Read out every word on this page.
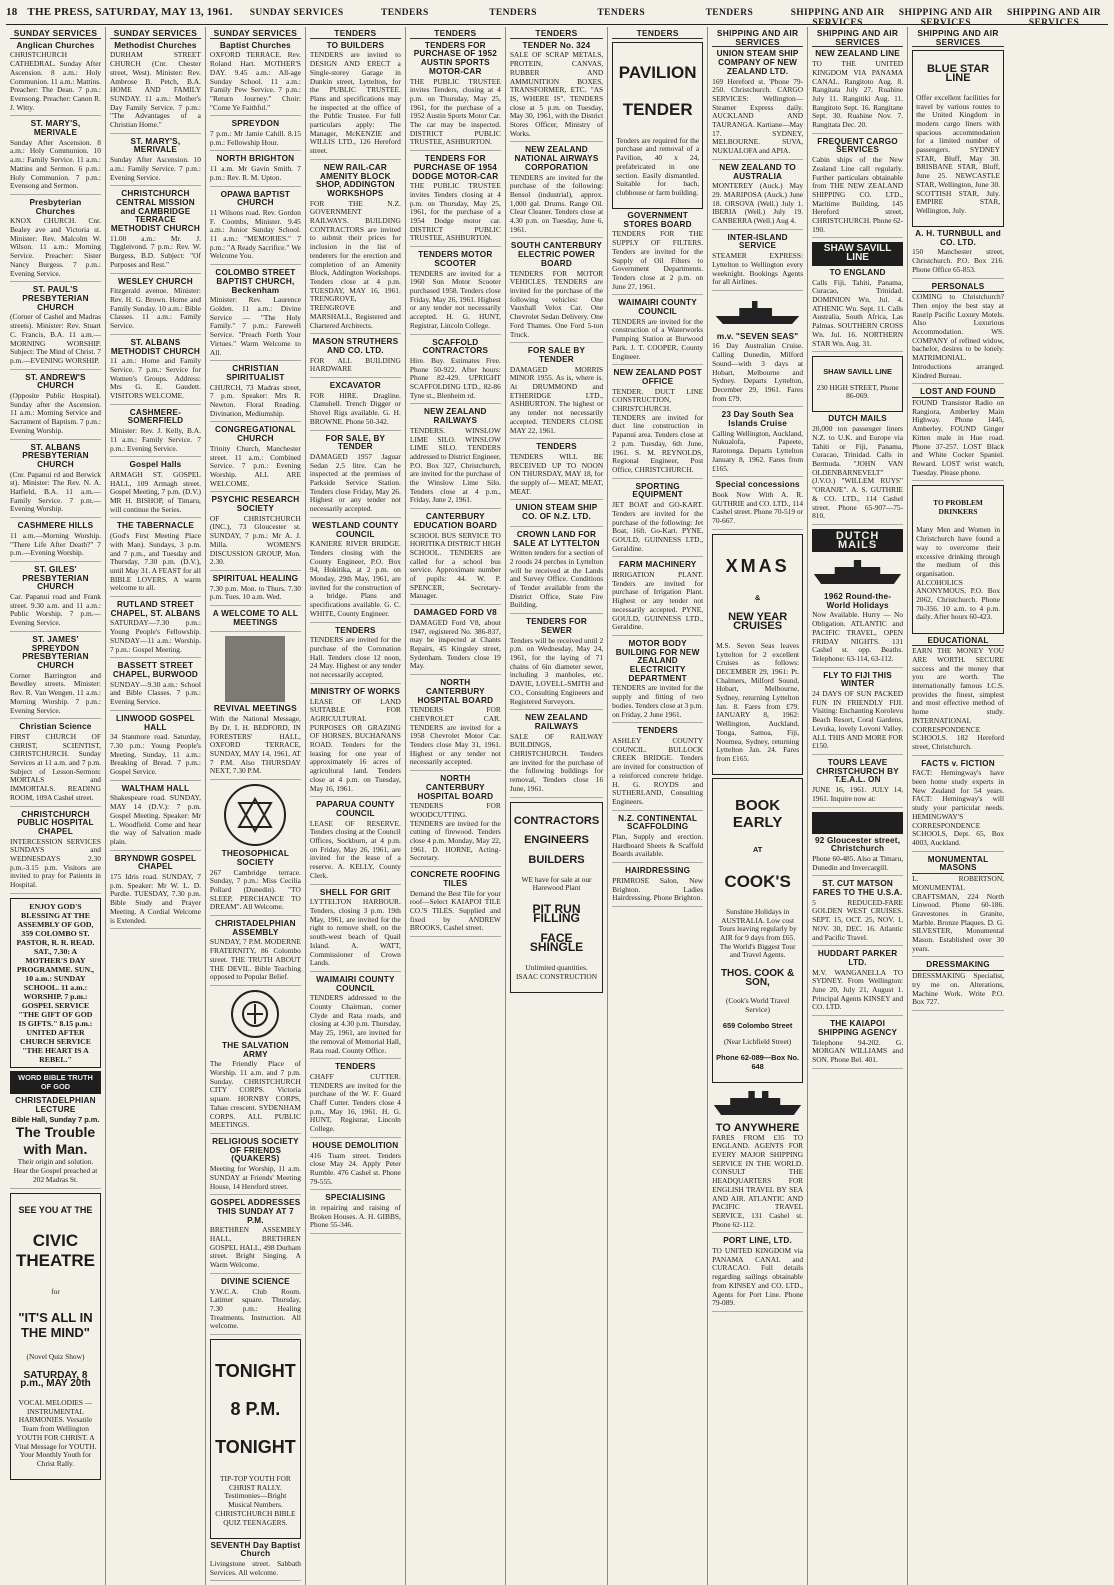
18 THE PRESS, SATURDAY, MAY 13, 1961.	SUNDAY SERVICES	TENDERS	TENDERS	TENDERS	TENDERS	SHIPPING AND AIR SERVICES
SHIPPING AND AIR SERVICES
SHIPPING AND AIR SERVICES
SUNDAY SERVICES
Anglican Churches

CHRISTCHURCH CATHEDRAL. Sunday After Ascension. 8 a.m.: Holy Communion. 11 a.m.: Mattins. Preacher: The Dean. 7 p.m.: Evensong. Preacher: Canon R. J. Witty.

ST. MARY'S, MERIVALE

Sunday After Ascension. 8 a.m.: Holy Communion. 10 a.m.: Family Service. 11 a.m.: Mattins and Sermon. 6 p.m.: Holy Communion. 7 p.m.: Evensong and Sermon.

Presbyterian Churches

KNOX CHURCH. Cnr. Bealey ave and Victoria st. Minister: Rev. Malcolm W. Wilson. 11 a.m.: Morning Service. Preacher: Sister Nancy Burgess. 7 p.m.: Evening Service.

ST. PAUL'S PRESBYTERIAN CHURCH

(Corner of Cashel and Madras streets). Minister: Rev. Stuart C. Francis, B.A. 11 a.m.—MORNING WORSHIP. Subject: The Mind of Christ. 7 p.m.—EVENING WORSHIP.

ST. ANDREW'S CHURCH

(Opposite Public Hospital). Sunday after the Ascension. 11 a.m.: Morning Service and Sacrament of Baptism. 7 p.m.: Evening Worship.

ST. ALBANS PRESBYTERIAN CHURCH

(Cnr. Papanui rd and Berwick st). Minister: The Rev. N. A. Hatfield, B.A. 11 a.m.—Family Service. 7 p.m.—Evening Worship.

CASHMERE HILLS

11 a.m.—Morning Worship. "There Life After Death?" 7 p.m.—Evening Worship.

ST. GILES' PRESBYTERIAN CHURCH

Car. Papanui road and Frank street. 9.30 a.m. and 11 a.m.: Public Worship. 7 p.m.—Evening Service.

ST. JAMES' SPREYDON PRESBYTERIAN CHURCH

Corner Barrington and Bewdley streets. Minister: Rev. R. Van Wengen. 11 a.m.: Morning Worship. 7 p.m.: Evening Service.

Christian Science

FIRST CHURCH OF CHRIST, SCIENTIST, CHRISTCHURCH. Sunday Services at 11 a.m. and 7 p.m. Subject of Lesson-Sermon: MORTALS and IMMORTALS. READING ROOM, 109A Cashel street.

CHRISTCHURCH PUBLIC HOSPITAL CHAPEL

INTERCESSION SERVICES SUNDAYS and WEDNESDAYS 2.30 p.m.-3.15 p.m. Visitors are invited to pray for Patients in Hospital.

ENJOY GOD'S BLESSING AT THE ASSEMBLY OF GOD, 359 COLOMBO ST. PASTOR, R. R. READ. SAT., 7.30: A MOTHER'S DAY PROGRAMME. SUN., 10 a.m.: SUNDAY SCHOOL. 11 a.m.: WORSHIP. 7 p.m.: GOSPEL SERVICE "THE GIFT OF GOD IS GIFTS." 8.15 p.m.: UNITED AFTER CHURCH SERVICE "THE HEART IS A REBEL."

WORD BIBLE TRUTH OF GOD
CHRISTADELPHIAN LECTURE

Bible Hall, Sunday 7 p.m.

The Trouble with Man.

Their origin and solution. Hear the Gospel preached at 202 Madras St.

SEE YOU AT THE

CIVIC THEATRE

for

"IT'S ALL IN THE MIND"

(Novel Quiz Show)

SATURDAY, 8 p.m., MAY 20th

VOCAL MELODIES — INSTRUMENTAL HARMONIES. Versatile Team from Wellington YOUTH FOR CHRIST. A Vital Message for YOUTH. Your Monthly Youth for Christ Rally.

SUNDAY SERVICES
Methodist Churches

DURHAM STREET CHURCH (Cnr. Chester street, West). Minister: Rev. Ambrose B. Petch, B.A. HOME AND FAMILY SUNDAY. 11 a.m.: Mother's Day Family Service. 7 p.m.: "The Advantages of a Christian Home."

ST. MARY'S, MERIVALE

Sunday After Ascension. 10 a.m.: Family Service. 7 p.m.: Evening Service.

CHRISTCHURCH CENTRAL MISSION and CAMBRIDGE TERRACE METHODIST CHURCH

11.00 a.m.: Mr. J. Tiggleivond. 7 p.m.: Rev. W. Burgess, B.D. Subject: "Of Purposes and Rest."

WESLEY CHURCH

Fitzgerald avenue. Minister: Rev. H. G. Brown. Home and Family Sunday. 10 a.m.: Bible Classes. 11 a.m.: Family Service.

ST. ALBANS METHODIST CHURCH

11 a.m.: Home and Family Service. 7 p.m.: Service for Women's Groups. Address: Mrs G. E. Gaudett. VISITORS WELCOME.

CASHMERE-SOMERFIELD

Minister: Rev. J. Kelly, B.A. 11 a.m.: Family Service. 7 p.m.: Evening Service.

Gospel Halls

ARMAGH ST. GOSPEL HALL, 109 Armagh street. Gospel Meeting, 7 p.m. (D.V.) MR H. BISHOP, of Timaru, will continue the Series.

THE TABERNACLE

(God's First Meeting Place with Man). Sundays, 3 p.m. and 7 p.m., and Tuesday and Thursday, 7.30 p.m. (D.V.), until May 31. A FEAST for all BIBLE LOVERS. A warm welcome to all.

RUTLAND STREET CHAPEL, ST. ALBANS

SATURDAY—7.30 p.m.: Young People's Fellowship. SUNDAY—11 a.m.: Worship. 7 p.m.: Gospel Meeting.

BASSETT STREET CHAPEL, BURWOOD

SUNDAY—9.30 a.m.: School and Bible Classes. 7 p.m.: Evening Service.

LINWOOD GOSPEL HALL

34 Stanmore road. Saturday, 7.30 p.m.: Young People's Meeting. Sunday, 11 a.m.: Breaking of Bread. 7 p.m.: Gospel Service.

WALTHAM HALL

Shakespeare road. SUNDAY, MAY 14 (D.V.): 7 p.m. Gospel Meeting. Speaker: Mr L. Woodfield. Come and hear the way of Salvation made plain.

BRYNDWR GOSPEL CHAPEL

175 Idris road. SUNDAY, 7 p.m. Speaker: Mr W. L. D. Purdie. TUESDAY, 7.30 p.m. Bible Study and Prayer Meeting. A Cordial Welcome is Extended.

SUNDAY SERVICES
Baptist Churches

OXFORD TERRACE. Rev. Roland Hart. MOTHER'S DAY. 9.45 a.m.: All-age Sunday School. 11 a.m.: Family Pew Service. 7 p.m.: "Return Journey." Choir: "Come Ye Faithful."

SPREYDON

7 p.m.: Mr Jamie Cahill. 8.15 p.m.: Fellowship Hour.

NORTH BRIGHTON

11 a.m. Mr Gavin Smith. 7 p.m.: Rev. R. M. Upton.

OPAWA BAPTIST CHURCH

11 Wilsons road. Rev. Gordon F. Coombs, Minister. 9.45 a.m.: Junior Sunday School. 11 a.m.: "MEMORIES." 7 p.m.: "A Ready Sacrifice." We Welcome You.

COLOMBO STREET BAPTIST CHURCH, Beckenham

Minister: Rev. Laurence Golden. 11 a.m.: Divine Service — "The Holy Family." 7 p.m.: Farewell Service. "Preach Forth Your Virtues." Warm Welcome to All.

CHRISTIAN SPIRITUALIST

CHURCH, 73 Madras street, 7 p.m. Speaker: Mrs R. Newton. Floral Reading. Divination, Mediumship.

CONGREGATIONAL CHURCH

Trinity Church, Manchester street. 11 a.m.: Combined Service. 7 p.m.: Evening Worship. ALL ARE WELCOME.

PSYCHIC RESEARCH SOCIETY

OF CHRISTCHURCH (INC.), 73 Gloucester st. SUNDAY, 7 p.m.: Mr A. J. Milla. WOMEN'S DISCUSSION GROUP, Mon. 2.30.

SPIRITUAL HEALING

7.30 p.m. Mon. to Thurs. 7.30 p.m. Tues. 10 a.m. Wed.

A WELCOME TO ALL MEETINGS

REVIVAL MEETINGS

With the National Message, By Dr. I. H. BEDFORD, IN FORESTERS' HALL, OXFORD TERRACE, SUNDAY, MAY 14, 1961, AT 7 P.M. Also THURSDAY NEXT, 7.30 P.M.

THEOSOPHICAL SOCIETY

267 Cambridge terrace. Sunday, 7 p.m.: Miss Cecilia Pollard (Dunedin). "TO SLEEP, PERCHANCE TO DREAM". All Welcome.

CHRISTADELPHIAN ASSEMBLY

SUNDAY, 7 P.M. MODERNE FRATERNITY, 86 Colombo street. THE TRUTH ABOUT THE DEVIL. Bible Teaching opposed to Popular Belief.

THE SALVATION ARMY

The Friendly Place of Worship. 11 a.m. and 7 p.m. Sunday. CHRISTCHURCH CITY CORPS. Victoria square. HORNBY CORPS, Tahau crescent. SYDENHAM CORPS. ALL PUBLIC MEETINGS.

RELIGIOUS SOCIETY OF FRIENDS (QUAKERS)

Meeting for Worship, 11 a.m. SUNDAY at Friends' Meeting House, 14 Hereford street.

GOSPEL ADDRESSES THIS SUNDAY AT 7 P.M.

BRETHREN ASSEMBLY HALL, BRETHREN GOSPEL HALL, 498 Durham street. Bright Singing. A Warm Welcome.

DIVINE SCIENCE

Y.W.C.A. Club Room. Latimer square. Thursday, 7.30 p.m.: Healing Treatments. Instruction. All welcome.

TONIGHT

8 P.M.

TONIGHT

TIP-TOP YOUTH FOR CHRIST RALLY. Testimonies—Bright Musical Numbers. CHRISTCHURCH BIBLE QUIZ TEENAGERS.

SEVENTH Day Baptist Church

Livingstone street. Sabbath Services. All welcome.

TENDERS
TO BUILDERS

TENDERS are invited to DESIGN AND ERECT a Single-storey Garage in Dunkin street, Lyttelton, for the PUBLIC TRUSTEE. Plans and specifications may be inspected at the office of the Public Trustee. For full particulars apply: The Manager, McKENZIE and WILLIS LTD., 126 Hereford street.

NEW RAIL-CAR AMENITY BLOCK SHOP, ADDINGTON WORKSHOPS

FOR THE N.Z. GOVERNMENT RAILWAYS. BUILDING CONTRACTORS are invited to submit their prices for inclusion in the list of tenderers for the erection and completion of an Amenity Block, Addington Workshops. Tenders close at 4 p.m. TUESDAY, MAY 16, 1961. TRENGROVE, TRENGROVE and MARSHALL, Registered and Chartered Architects.

MASON STRUTHERS AND CO. LTD.

FOR ALL BUILDING HARDWARE

EXCAVATOR

FOR HIRE. Dragline. Clamshell. Trench Digger or Shovel Rigs available. G. H. BROWNE. Phone 50-342.

FOR SALE, BY TENDER

DAMAGED 1957 Jaguar Sedan 2.5 litre. Can be inspected at the premises of Parkside Service Station. Tenders close Friday, May 26. Highest or any tender not necessarily accepted.

WESTLAND COUNTY COUNCIL

KANIERE RIVER BRIDGE. Tenders closing with the County Engineer, P.O. Box 94, Hokitika, at 2 p.m. on Monday, 29th May, 1961, are invited for the construction of a bridge. Plans and specifications available. G. C. WHITE, County Engineer.

TENDERS

TENDERS are invited for the purchase of the Coronation Hall. Tenders close 12 noon, 24 May. Highest or any tender not necessarily accepted.

MINISTRY OF WORKS

LEASE OF LAND SUITABLE FOR AGRICULTURAL PURPOSES OR GRAZING OF HORSES, BUCHANANS ROAD. Tenders for the leasing for one year of approximately 16 acres of agricultural land. Tenders close at 4 p.m. on Tuesday, May 16, 1961.

PAPARUA COUNTY COUNCIL

LEASE OF RESERVE. Tenders closing at the Council Offices, Sockburn, at 4 p.m. on Friday, May 26, 1961, are invited for the lease of a reserve. A. KELLY, County Clerk.

SHELL FOR GRIT

LYTTELTON HARBOUR. Tenders, closing 3 p.m. 19th May, 1961, are invited for the right to remove shell, on the south-west beach of Quail Island. A. WATT, Commissioner of Crown Lands.

WAIMAIRI COUNTY COUNCIL

TENDERS addressed to the County Chairman, corner Clyde and Rata roads, and closing at 4.30 p.m. Thursday, May 25, 1961, are invited for the removal of Memorial Hall, Rata road. County Office.

TENDERS

CHAFF CUTTER. TENDERS are invited for the purchase of the W. F. Guard Chaff Cutter. Tenders close 4 p.m., May 16, 1961. H. G. HUNT, Registrar, Lincoln College.

HOUSE DEMOLITION

416 Tuam street. Tenders close May 24. Apply Peter Rumble. 476 Cashel st. Phone 79-555.

SPECIALISING

in repairing and raising of Broken Houses. A. H. GIBBS, Phone 55-346.

TENDERS
TENDERS FOR PURCHASE OF 1952 AUSTIN SPORTS MOTOR-CAR

THE PUBLIC TRUSTEE invites Tenders, closing at 4 p.m. on Thursday, May 25, 1961, for the purchase of a 1952 Austin Sports Motor Car. The car may be inspected. DISTRICT PUBLIC TRUSTEE, ASHBURTON.

TENDERS FOR PURCHASE OF 1954 DODGE MOTOR-CAR

THE PUBLIC TRUSTEE invites Tenders closing at 4 p.m. on Thursday, May 25, 1961, for the purchase of a 1954 Dodge motor car. DISTRICT PUBLIC TRUSTEE, ASHBURTON.

TENDERS MOTOR SCOOTER

TENDERS are invited for a 1960 Sun Motor Scooter purchased 1958. Tenders close Friday, May 26, 1961. Highest or any tender not necessarily accepted. H. G. HUNT, Registrar, Lincoln College.

SCAFFOLD CONTRACTORS

Hire. Buy. Estimates Free. Phone 50-922. After hours: Phone 82-429. UPRIGHT SCAFFOLDING LTD., 82-86 Tyne st., Blenheim rd.

NEW ZEALAND RAILWAYS

TENDERS. WINSLOW LIME SILO. WINSLOW LIME SILO. TENDERS addressed to District Engineer, P.O. Box 327, Christchurch, are invited for the purchase of the Winslow Lime Silo. Tenders close at 4 p.m., Friday, June 2, 1961.

CANTERBURY EDUCATION BOARD

SCHOOL BUS SERVICE TO HORITIKA DISTRICT HIGH SCHOOL. TENDERS are called for a school bus service. Approximate number of pupils: 44. W. P. SPENCER, Secretary-Manager.

DAMAGED FORD V8

DAMAGED Ford V8, about 1947, registered No. 386-837, may be inspected at Chants Repairs, 45 Kingsley street, Sydenham. Tenders close 19 May.

NORTH CANTERBURY HOSPITAL BOARD

TENDERS FOR CHEVROLET CAR. TENDERS are invited for a 1958 Chevrolet Motor Car. Tenders close May 31, 1961. Highest or any tender not necessarily accepted.

NORTH CANTERBURY HOSPITAL BOARD

TENDERS FOR WOODCUTTING. TENDERS are invited for the cutting of firewood. Tenders close 4 p.m. Monday, May 22, 1961. D. HORNE, Acting-Secretary.

CONCRETE ROOFING TILES

Demand the Best Tile for your roof—Select KAIAPOI TILE CO.'S TILES. Supplied and fixed by ANDREW BROOKS, Cashel street.

TENDERS
TENDER No. 324

SALE OF SCRAP METALS, PROTEIN, CANVAS, RUBBER AND AMMUNITION BOXES, TRANSFORMER, ETC. "AS IS, WHERE IS". TENDERS close at 5 p.m. on Tuesday, May 30, 1961, with the District Stores Officer, Ministry of Works.

NEW ZEALAND NATIONAL AIRWAYS CORPORATION

TENDERS are invited for the purchase of the following: Bensol (industrial), approx. 1,000 gal. Drums. Range Oil. Clear Cleaner. Tenders close at 4.30 p.m. on Tuesday, June 6, 1961.

SOUTH CANTERBURY ELECTRIC POWER BOARD

TENDERS FOR MOTOR VEHICLES. TENDERS are invited for the purchase of the following vehicles: One Vauxhall Velox Car. One Chevrolet Sedan Delivery. One Ford Thames. One Ford 5-ton Truck.

FOR SALE BY TENDER

DAMAGED MORRIS MINOR 1955. As is, where is. At DRUMMOND and ETHERIDGE LTD., ASHBURTON. The highest or any tender not necessarily accepted. TENDERS CLOSE MAY 22, 1961.

TENDERS

TENDERS WILL BE RECEIVED UP TO NOON ON THURSDAY, MAY 18, for the supply of— MEAT, MEAT, MEAT.

UNION STEAM SHIP CO. OF N.Z. LTD.

CROWN LAND FOR SALE AT LYTTELTON

Written tenders for a section of 2 roods 24 perches in Lyttelton will be received at the Lands and Survey Office. Conditions of Tender available from the District Office, State Fire Building.

TENDERS FOR SEWER

Tenders will be received until 2 p.m. on Wednesday, May 24, 1961, for the laying of 71 chains of 6in diameter sewer, including 3 manholes, etc. DAVIE, LOVELL-SMITH and CO., Consulting Engineers and Registered Surveyors.

NEW ZEALAND RAILWAYS

SALE OF RAILWAY BUILDINGS, CHRISTCHURCH. Tenders are invited for the purchase of the following buildings for removal, Tenders close 16 June, 1961.

CONTRACTORS

ENGINEERS

BUILDERS

WE have for sale at our Harewood Plant

PIT RUN FILLING

FACE SHINGLE

Unlimited quantities. ISAAC CONSTRUCTION

TENDERS

PAVILION

TENDER

Tenders are required for the purchase and removal of a Pavilion, 40 x 24, prefabricated in one section. Easily dismantled. Suitable for bach, clubhouse or farm building.

GOVERNMENT STORES BOARD

TENDERS FOR THE SUPPLY OF FILTERS. Tenders are invited for the Supply of Oil Filters to Government Departments. Tenders close at 2 p.m. on June 27, 1961.

WAIMAIRI COUNTY COUNCIL

TENDERS are invited for the construction of a Waterworks Pumping Station at Burwood Park. J. T. COOPER, County Engineer.

NEW ZEALAND POST OFFICE

TENDER. DUCT LINE CONSTRUCTION, CHRISTCHURCH. TENDERS are invited for duct line construction in Papanui area. Tenders close at 2 p.m. Tuesday, 6th June, 1961. S. M. REYNOLDS, Regional Engineer, Post Office, CHRISTCHURCH.

SPORTING EQUIPMENT

JET BOAT and GO-KART. Tenders are invited for the purchase of the following: Jet Boat, 16ft. Go-Kart. PYNE, GOULD, GUINNESS LTD., Geraldine.

FARM MACHINERY

IRRIGATION PLANT. Tenders are invited for purchase of Irrigation Plant. Highest or any tender not necessarily accepted. PYNE, GOULD, GUINNESS LTD., Geraldine.

MOTOR BODY BUILDING FOR NEW ZEALAND ELECTRICITY DEPARTMENT

TENDERS are invited for the supply and fitting of two bodies. Tenders close at 3 p.m. on Friday, 2 June 1961.

TENDERS

ASHLEY COUNTY COUNCIL. BULLOCK CREEK BRIDGE. Tenders are invited for construction of a reinforced concrete bridge. H. G. ROYDS and SUTHERLAND, Consulting Engineers.

N.Z. CONTINENTAL SCAFFOLDING

Plan, Supply and erection. Hardboard Sheets & Scaffold Boards available.

HAIRDRESSING

PRIMROSE Salon, New Brighton. Ladies Hairdressing. Phone Brighton.

SHIPPING AND AIR SERVICES
UNION STEAM SHIP COMPANY OF NEW ZEALAND LTD.

169 Hereford st. 'Phone 79-250. Christchurch. CARGO SERVICES: Wellington—Steamer Express daily. AUCKLAND AND TAURANGA. Kartiane—May 17. SYDNEY, MELBOURNE. SUVA, NUKUALOFA and APIA.

NEW ZEALAND TO AUSTRALIA

MONTEREY (Auck.) May 29. MARIPOSA (Auck.) June 18. ORSOVA (Well.) July 1. IBERIA (Well.) July 19. CANBERRA (Well.) Aug 4.

INTER-ISLAND SERVICE

STEAMER EXPRESS: Lyttelton to Wellington every weeknight. Bookings Agents for all Airlines.

m.v. "SEVEN SEAS"

16 Day Australian Cruise. Calling Dunedin, Milford Sound—with 3 days at Hobart, Melbourne and Sydney. Departs Lyttelton, December 29, 1961. Fares from £79.

23 Day South Sea Islands Cruise

Calling Wellington, Auckland, Nukualofa, Papeete, Rarotonga. Departs Lyttelton January 8, 1962. Fares from £165.

Special concessions

Book Now With A. R. GUTHRIE and CO. LTD., 114 Cashel street. Phone 70-519 or 70-667.

XMAS

&

NEW YEAR CRUISES

M.S. Seven Seas leaves Lyttelton for 2 excellent Cruises as follows: DECEMBER 29, 1961: Pt. Chalmers, Milford Sound, Hobart, Melbourne, Sydney, returning Lyttelton Jan. 8. Fares from £79. JANUARY 8, 1962: Wellington, Auckland, Tonga, Samoa, Fiji, Noumea, Sydney, returning Lyttelton Jan. 24. Fares from £165.

BOOK EARLY

AT

COOK'S

Sunshine Holidays in AUSTRALIA. Low cost Tours leaving regularly by AIR for 9 days from £65. The World's Biggest Tour and Travel Agents.

THOS. COOK & SON,

(Cook's World Travel Service)

659 Colombo Street

(Near Lichfield Street)

Phone 62-089—Box No. 648

TO ANYWHERE

FARES FROM £35 TO ENGLAND. AGENTS FOR EVERY MAJOR SHIPPING SERVICE IN THE WORLD. CONSULT THE HEADQUARTERS FOR ENGLISH TRAVEL BY SEA AND AIR. ATLANTIC AND PACIFIC TRAVEL SERVICE, 131 Cashel st. Phone 62-112.

PORT LINE, LTD.

TO UNITED KINGDOM via PANAMA CANAL and CURACAO. Full details regarding sailings obtainable from KINSEY and CO. LTD., Agents for Port Line. Phone 79-089.

SHIPPING AND AIR SERVICES
NEW ZEALAND LINE

TO THE UNITED KINGDOM VIA PANAMA CANAL. Rangitoto Aug. 8. Rangitata July 27. Ruahine July 11. Rangitiki Aug. 11. Rangitoto Sept. 16. Rangitane Sept. 30. Ruahine Nov. 7. Rangitata Dec. 20.

FREQUENT CARGO SERVICES

Cabin ships of the New Zealand Line call regularly. Further particulars obtainable from THE NEW ZEALAND SHIPPING CO. LTD., Maritime Building, 145 Hereford street, CHRISTCHURCH. Phone 62-190.

SHAW SAVILL LINE
TO ENGLAND

Calls Fiji, Tahiti, Panama, Curacao, Trinidad. DOMINION Wn. Jul. 4. ATHENIC Wn. Sept. 11. Calls Australia, South Africa, Las Palmas. SOUTHERN CROSS Wn. Jul. 16. NORTHERN STAR Wn. Aug. 31.

SHAW SAVILL LINE

230 HIGH STREET, Phone 86-069.

DUTCH MAILS

20,000 ton passenger liners N.Z. to U.K. and Europe via Tahiti or Fiji, Panama, Curacao, Trinidad. Calls in Bermuda. "JOHN VAN OLDENBARNEVELT" (J.V.O.) "WILLEM RUYS" "ORANJE". A. S. GUTHRIE & CO. LTD., 114 Cashel street. Phone 65-907—75-810.

DUTCH MAILS
1962 Round-the-World Holidays

Now Available. Hurry — No Obligation. ATLANTIC and PACIFIC TRAVEL, OPEN FRIDAY NIGHTS. 131 Cashel st. opp. Beaths. Telephone: 63-114, 63-112.

FLY TO FIJI THIS WINTER

24 DAYS OF SUN PACKED FUN IN FRIENDLY FIJI. Visiting: Enchanting Korolevu Beach Resort, Coral Gardens, Levuka, lovely Lovoni Valley. ALL THIS AND MORE FOR £150.

TOURS LEAVE CHRISTCHURCH BY T.E.A.L. ON

JUNE 16, 1961. JULY 14, 1961. Inquire now at:

92 Gloucester street, Christchurch

Phone 60-485. Also at Timaru, Dunedin and Invercargill.

ST. CUT MATSON FARES TO THE U.S.A.

5 REDUCED-FARE GOLDEN WEST CRUISES. SEPT. 15, OCT. 25, NOV. 1, NOV. 30, DEC. 16. Atlantic and Pacific Travel.

HUDDART PARKER LTD.

M.V. WANGANELLA TO SYDNEY. From Wellington: June 20, July 21, August 1. Principal Agents KINSEY and CO. LTD.

THE KAIAPOI SHIPPING AGENCY

Telephone 94-202. G. MORGAN WILLIAMS and SON. Phone Bel. 401.

SHIPPING AND AIR SERVICES

BLUE STAR LINE

Offer excellent facilities for travel by various routes to the United Kingdom in modern cargo liners with spacious accommodation for a limited number of passengers. SYDNEY STAR, Bluff, May 30. BRISBANE STAR, Bluff, June 25. NEWCASTLE STAR, Wellington, June 30. SCOTTISH STAR, July. EMPIRE STAR, Wellington, July.

A. H. TURNBULL and CO. LTD.

150 Manchester street, Christchurch. P.O. Box 216. Phone Office 65-853.

PERSONALS

COMING to Christchurch? Then enjoy the best stay at Raurip Pacific Luxury Motels. Also Luxurious Accommodation. WS. COMPANY of refined widow, bachelor, desires to be lonely. MATRIMONIAL. Introductions arranged. Kindred Bureau.

LOST AND FOUND

FOUND Transistor Radio on Rangiora, Amberley Main Highway. Phone 1445, Amberley. FOUND Ginger Kitten male in Hue road. Phone 37-257. LOST Black and White Cocker Spaniel. Reward. LOST wrist watch, Tuesday. Please phone.

TO PROBLEM DRINKERS

Many Men and Women in Christchurch have found a way to overcome their excessive drinking through the medium of this organisation. ALCOHOLICS ANONYMOUS, P.O. Box 2062, Christchurch. Phone 70-356. 10 a.m. to 4 p.m. daily. After hours 60-423.

EDUCATIONAL

EARN THE MONEY YOU ARE WORTH. SECURE success and the money that you are worth. The internationally famous I.C.S. provides the finest, simplest and most effective method of home study. INTERNATIONAL CORRESPONDENCE SCHOOLS. 182 Hereford street, Christchurch.

FACTS v. FICTION

FACT: Hemingway's have been home study experts in New Zealand for 54 years. FACT: Hemingway's will study your particular needs. HEMINGWAY'S CORRESPONDENCE SCHOOLS, Dept. 65, Box 4003, Auckland.

MONUMENTAL MASONS

L. ROBERTSON, MONUMENTAL CRAFTSMAN, 224 North Linwood. Phone 60-186. Gravestones in Granite, Marble. Bronze Plaques. D. G. SILVESTER, Monumental Mason. Established over 30 years.

DRESSMAKING

DRESSMAKING Specialist, try me on. Alterations, Machine Work. Write P.O. Box 727.
